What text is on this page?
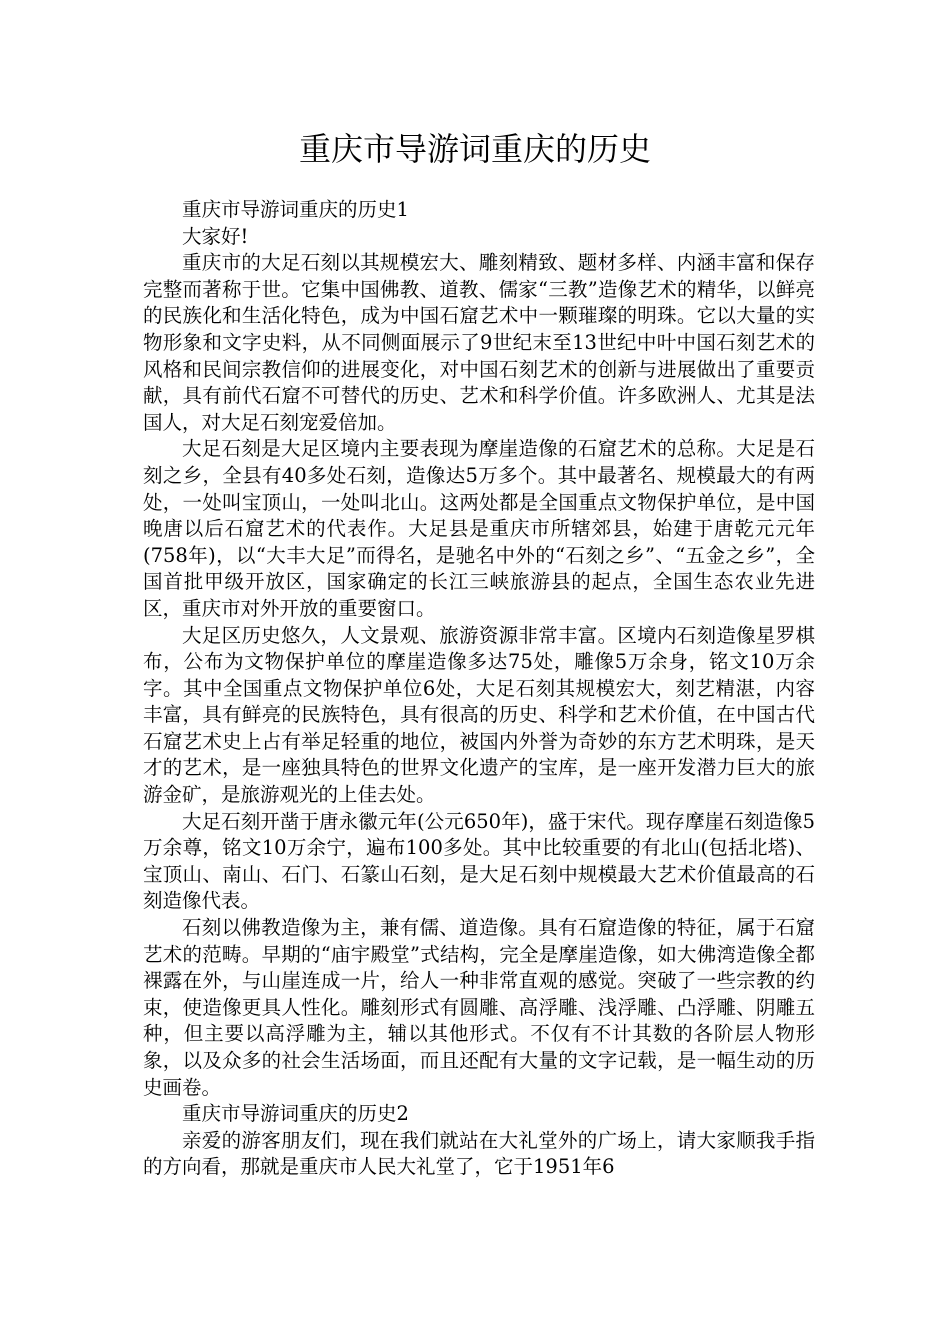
重庆市导游词重庆的历史

重庆市导游词重庆的历史1

大家好!

重庆市的大足石刻以其规模宏大、雕刻精致、题材多样、内涵丰富和保存完整而著称于世。它集中国佛教、道教、儒家“三教”造像艺术的精华，以鲜亮的民族化和生活化特色，成为中国石窟艺术中一颗璀璨的明珠。它以大量的实物形象和文字史料，从不同侧面展示了9世纪末至13世纪中叶中国石刻艺术的风格和民间宗教信仰的进展变化，对中国石刻艺术的创新与进展做出了重要贡献，具有前代石窟不可替代的历史、艺术和科学价值。许多欧洲人、尤其是法国人，对大足石刻宠爱倍加。

大足石刻是大足区境内主要表现为摩崖造像的石窟艺术的总称。大足是石刻之乡，全县有40多处石刻，造像达5万多个。其中最著名、规模最大的有两处，一处叫宝顶山，一处叫北山。这两处都是全国重点文物保护单位，是中国晚唐以后石窟艺术的代表作。大足县是重庆市所辖郊县，始建于唐乾元元年(758年)，以“大丰大足”而得名，是驰名中外的“石刻之乡”、“五金之乡”，全国首批甲级开放区，国家确定的长江三峡旅游县的起点，全国生态农业先进区，重庆市对外开放的重要窗口。

大足区历史悠久，人文景观、旅游资源非常丰富。区境内石刻造像星罗棋布，公布为文物保护单位的摩崖造像多达75处，雕像5万余身，铭文10万余字。其中全国重点文物保护单位6处，大足石刻其规模宏大，刻艺精湛，内容丰富，具有鲜亮的民族特色，具有很高的历史、科学和艺术价值，在中国古代石窟艺术史上占有举足轻重的地位，被国内外誉为奇妙的东方艺术明珠，是天才的艺术，是一座独具特色的世界文化遗产的宝库，是一座开发潜力巨大的旅游金矿，是旅游观光的上佳去处。

大足石刻开凿于唐永徽元年(公元650年)，盛于宋代。现存摩崖石刻造像5万余尊，铭文10万余宁，遍布100多处。其中比较重要的有北山(包括北塔)、宝顶山、南山、石门、石篆山石刻，是大足石刻中规模最大艺术价值最高的石刻造像代表。

石刻以佛教造像为主，兼有儒、道造像。具有石窟造像的特征，属于石窟艺术的范畴。早期的“庙宇殿堂”式结构，完全是摩崖造像，如大佛湾造像全都裸露在外，与山崖连成一片，给人一种非常直观的感觉。突破了一些宗教的约束，使造像更具人性化。雕刻形式有圆雕、高浮雕、浅浮雕、凸浮雕、阴雕五种，但主要以高浮雕为主，辅以其他形式。不仅有不计其数的各阶层人物形象，以及众多的社会生活场面，而且还配有大量的文字记载，是一幅生动的历史画卷。

重庆市导游词重庆的历史2

亲爱的游客朋友们，现在我们就站在大礼堂外的广场上，请大家顺我手指的方向看，那就是重庆市人民大礼堂了，它于1951年6
